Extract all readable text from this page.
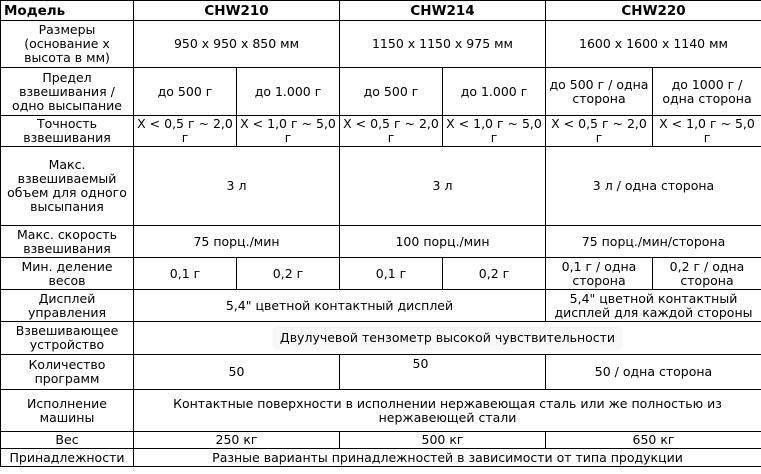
Модель	CHW210		CHW214		CHW220	
Размеры (основание х высота в мм)	950 х 950 х 850 мм		1150 х 1150 х 975 мм		1600 х 1600 х 1140 мм	
Предел взвешивания / одно высыпание	до 500 г	до 1.000 г	до 500 г	до 1.000 г	до 500 г / одна сторона	до 1000 г / одна сторона
Точность взвешивания	X < 0,5 г ~ 2,0 г	X < 1,0 г ~ 5,0 г	X < 0,5 г ~ 2,0 г	X < 1,0 г ~ 5,0 г	X < 0,5 г ~ 2,0 г	X < 1,0 г ~ 5,0 г
Макс. взвешиваемый объем для одного высыпания	3 л		3 л		3 л / одна сторона	
Макс. скорость взвешивания	75 порц./мин		100 порц./мин		75 порц./мин/сторона	
Мин. деление весов	0,1 г	0,2 г	0,1 г	0,2 г	0,1 г / одна сторона	0,2 г / одна сторона
Дисплей управления	5,4" цветной контактный дисплей				5,4" цветной контактный дисплей для каждой стороны	
Взвешивающее устройство	Двулучевой тензометр высокой чувствительности					
Количество программ	50		50		50 / одна сторона	
Исполнение машины	Контактные поверхности в исполнении нержавеющая сталь или же полностью из нержавеющей стали					
Вес	250 кг		500 кг		650 кг	
Принадлежности	Разные варианты принадлежностей в зависимости от типа продукции					
